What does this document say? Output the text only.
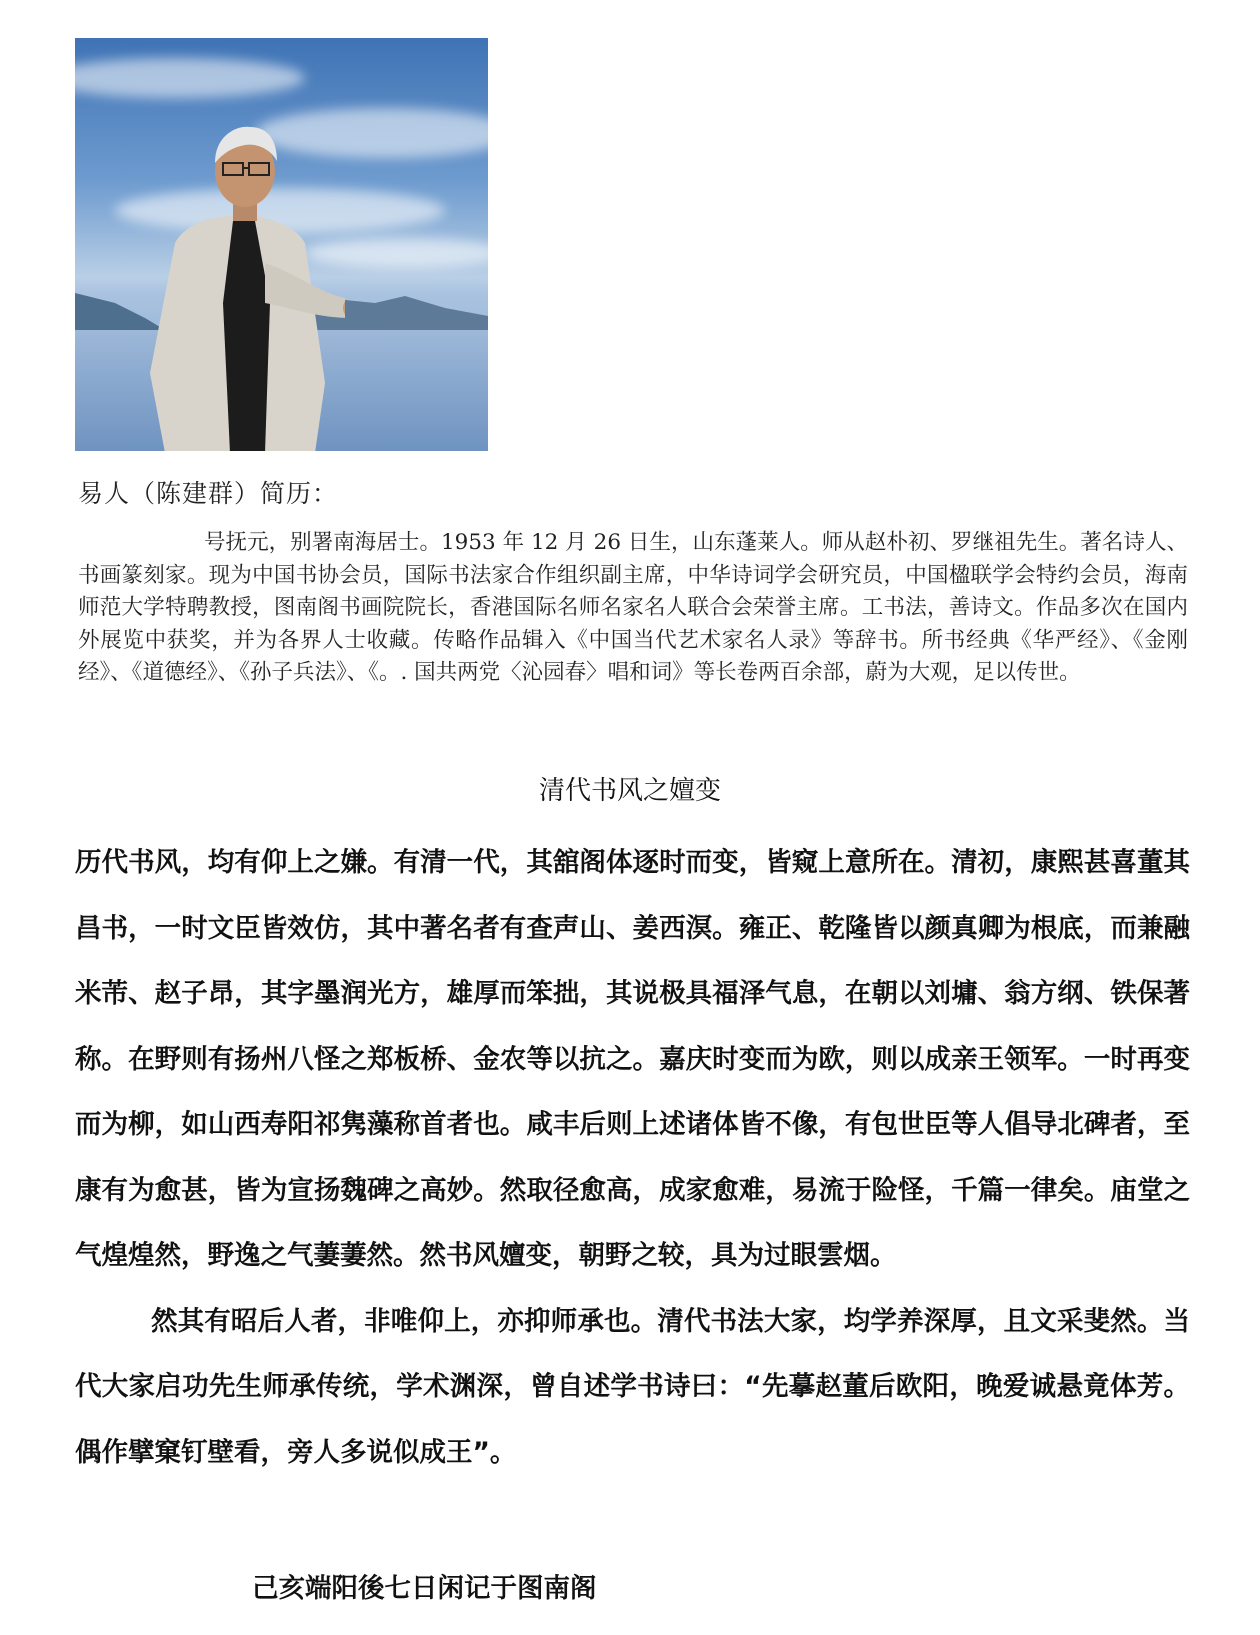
易人（陈建群）简历：
号抚元，别署南海居士。1953 年 12 月 26 日生，山东蓬莱人。师从赵朴初、罗继祖先生。著名诗人、书画篆刻家。现为中国书协会员，国际书法家合作组织副主席，中华诗词学会研究员，中国楹联学会特约会员，海南师范大学特聘教授，图南阁书画院院长，香港国际名师名家名人联合会荣誉主席。工书法，善诗文。作品多次在国内外展览中获奖，并为各界人士收藏。传略作品辑入《中国当代艺术家名人录》等辞书。所书经典《华严经》、《金刚经》、《道德经》、《孙子兵法》、《。. 国共两党〈沁园春〉唱和词》等长卷两百余部，蔚为大观，足以传世。
清代书风之嬗变

历代书风，均有仰上之嫌。有清一代，其舘阁体逐时而变，皆窥上意所在。清初，康熙甚喜董其昌书，一时文臣皆效仿，其中著名者有查声山、姜西溟。雍正、乾隆皆以颜真卿为根底，而兼融米芾、赵子昂，其字墨润光方，雄厚而笨拙，其说极具福泽气息，在朝以刘墉、翁方纲、铁保著称。在野则有扬州八怪之郑板桥、金农等以抗之。嘉庆时变而为欧，则以成亲王领军。一时再变而为柳，如山西寿阳祁隽藻称首者也。咸丰后则上述诸体皆不像，有包世臣等人倡导北碑者，至康有为愈甚，皆为宣扬魏碑之高妙。然取径愈高，成家愈难，易流于险怪，千篇一律矣。庙堂之气煌煌然，野逸之气萋萋然。然书风嬗变，朝野之较，具为过眼雲烟。

然其有昭后人者，非唯仰上，亦抑师承也。清代书法大家，均学养深厚，且文采斐然。当代大家启功先生师承传统，学术渊深，曾自述学书诗曰：“先摹赵董后欧阳，晚爱诚悬竟体芳。偶作擘窠钉壁看，旁人多说似成王”。

己亥端阳後七日闲记于图南阁
